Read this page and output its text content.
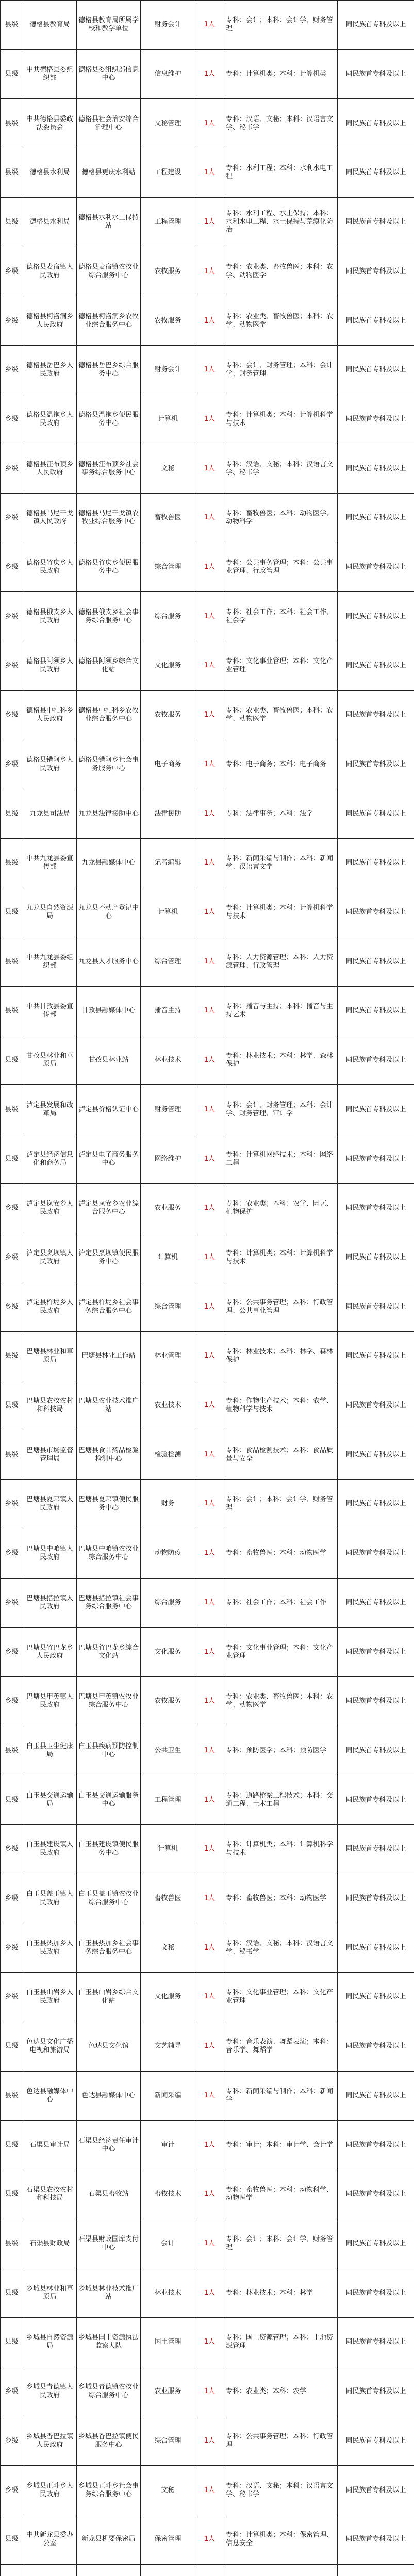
县级	德格县教育局	德格县教育局所属学校和教学单位	财务会计	1人	专科：会计；本科：会计学、财务管理	同民族首专科及以上
县级	中共德格县委组织部	德格县委组织部信息中心	信息维护	1人	专科：计算机类；本科：计算机类	同民族首专科及以上
县级	中共德格县委政法委员会	德格县社会治安综合治理中心	文秘管理	1人	专科：汉语、文秘；本科：汉语言文学、秘书学	同民族首专科及以上
县级	德格县水利局	德格县更庆水利站	工程建设	1人	专科：水利工程；本科：水利水电工程	同民族首专科及以上
县级	德格县水利局	德格县水利水土保持站	工程管理	1人	专科：水利工程、水土保持；本科：水利水电工程、水土保持与荒漠化防治	同民族首专科及以上
乡级	德格县麦宿镇人民政府	德格县麦宿镇农牧业综合服务中心	农牧服务	1人	专科：农业类、畜牧兽医；本科：农学、动物医学	同民族首专科及以上
乡级	德格县柯洛洞乡人民政府	德格县柯洛洞乡农牧业综合服务中心	农牧服务	1人	专科：农业类、畜牧兽医；本科：农学、动物医学	同民族首专科及以上
乡级	德格县岳巴乡人民政府	德格县岳巴乡综合服务中心	财务会计	1人	专科：会计、财务管理；本科：会计学、财务管理	同民族首专科及以上
乡级	德格县温拖乡人民政府	德格县温拖乡便民服务中心	计算机	1人	专科：计算机类；本科：计算机科学与技术	同民族首专科及以上
乡级	德格县汪布顶乡人民政府	德格县汪布顶乡社会事务综合服务中心	文秘	1人	专科：汉语、文秘；本科：汉语言文学、秘书学	同民族首专科及以上
乡级	德格县马尼干戈镇人民政府	德格县马尼干戈镇农牧业综合服务中心	畜牧兽医	1人	专科：畜牧兽医；本科：动物医学、动物科学	同民族首专科及以上
乡级	德格县竹庆乡人民政府	德格县竹庆乡便民服务中心	综合管理	1人	专科：公共事务管理；本科：公共事业管理、行政管理	同民族首专科及以上
乡级	德格县俄支乡人民政府	德格县俄支乡社会事务综合服务中心	综合服务	1人	专科：社会工作；本科：社会工作、社会学	同民族首专科及以上
乡级	德格县阿须乡人民政府	德格县阿须乡综合文化站	文化服务	1人	专科：文化事业管理；本科：文化产业管理	同民族首专科及以上
乡级	德格县中扎科乡人民政府	德格县中扎科乡农牧业综合服务中心	农牧服务	1人	专科：农业类、畜牧兽医；本科：农学、动物医学	同民族首专科及以上
乡级	德格县错阿乡人民政府	德格县错阿乡社会事务服务中心	电子商务	1人	专科：电子商务；本科：电子商务	同民族首专科及以上
县级	九龙县司法局	九龙县法律援助中心	法律援助	1人	专科：法律事务；本科：法学	同民族首专科及以上
县级	中共九龙县委宣传部	九龙县融媒体中心	记者编辑	1人	专科：新闻采编与制作；本科：新闻学、汉语言文学	同民族首专科及以上
县级	九龙县自然资源局	九龙县不动产登记中心	计算机	1人	专科：计算机类；本科：计算机科学与技术	同民族首专科及以上
县级	中共九龙县委组织部	九龙县人才服务中心	综合管理	1人	专科：人力资源管理；本科：人力资源管理、行政管理	同民族首专科及以上
县级	中共甘孜县委宣传部	甘孜县融媒体中心	播音主持	1人	专科：播音与主持；本科：播音与主持艺术	同民族首专科及以上
县级	甘孜县林业和草原局	甘孜县林业站	林业技术	1人	专科：林业技术；本科：林学、森林保护	同民族首专科及以上
县级	泸定县发展和改革局	泸定县价格认证中心	财务管理	1人	专科：会计、财务管理；本科：会计学、财务管理、审计学	同民族首专科及以上
县级	泸定县经济信息化和商务局	泸定县电子商务服务中心	网络维护	1人	专科：计算机网络技术；本科：网络工程	同民族首专科及以上
乡级	泸定县岚安乡人民政府	泸定县岚安乡农业综合服务中心	农业服务	1人	专科：农业类；本科：农学、园艺、植物保护	同民族首专科及以上
乡级	泸定县烹坝镇人民政府	泸定县烹坝镇便民服务中心	计算机	1人	专科：计算机类；本科：计算机科学与技术	同民族首专科及以上
乡级	泸定县杵坭乡人民政府	泸定县杵坭乡社会事务综合服务中心	综合管理	1人	专科：公共事务管理；本科：行政管理、公共事业管理	同民族首专科及以上
县级	巴塘县林业和草原局	巴塘县林业工作站	林业管理	1人	专科：林业技术；本科：林学、森林保护	同民族首专科及以上
县级	巴塘县农牧农村和科技局	巴塘县农业技术推广站	农业技术	1人	专科：作物生产技术；本科：农学、植物科学与技术	同民族首专科及以上
县级	巴塘县市场监督管理局	巴塘县食品药品检验检测中心	检验检测	1人	专科：食品检测技术；本科：食品质量与安全	同民族首专科及以上
乡级	巴塘县夏邛镇人民政府	巴塘县夏邛镇便民服务中心	财务	1人	专科：会计；本科：会计学、财务管理	同民族首专科及以上
乡级	巴塘县中咱镇人民政府	巴塘县中咱镇农牧业综合服务中心	动物防疫	1人	专科：畜牧兽医；本科：动物医学	同民族首专科及以上
乡级	巴塘县措拉镇人民政府	巴塘县措拉镇社会事务综合服务中心	综合服务	1人	专科：社会工作；本科：社会工作	同民族首专科及以上
乡级	巴塘县竹巴龙乡人民政府	巴塘县竹巴龙乡综合文化站	文化服务	1人	专科：文化事业管理；本科：文化产业管理	同民族首专科及以上
乡级	巴塘县甲英镇人民政府	巴塘县甲英镇农牧业综合服务中心	农牧服务	1人	专科：农业类、畜牧兽医；本科：农学、动物医学	同民族首专科及以上
县级	白玉县卫生健康局	白玉县疾病预防控制中心	公共卫生	1人	专科：预防医学；本科：预防医学	同民族首专科及以上
县级	白玉县交通运输局	白玉县交通运输服务中心	工程管理	1人	专科：道路桥梁工程技术；本科：交通工程、土木工程	同民族首专科及以上
乡级	白玉县建设镇人民政府	白玉县建设镇便民服务中心	计算机	1人	专科：计算机类；本科：计算机科学与技术	同民族首专科及以上
乡级	白玉县盖玉镇人民政府	白玉县盖玉镇农牧业综合服务中心	畜牧兽医	1人	专科：畜牧兽医；本科：动物医学	同民族首专科及以上
乡级	白玉县热加乡人民政府	白玉县热加乡社会事务综合服务中心	文秘	1人	专科：汉语、文秘；本科：汉语言文学、秘书学	同民族首专科及以上
乡级	白玉县山岩乡人民政府	白玉县山岩乡综合文化站	文化服务	1人	专科：文化事业管理；本科：文化产业管理	同民族首专科及以上
县级	色达县文化广播电视和旅游局	色达县文化馆	文艺辅导	1人	专科：音乐表演、舞蹈表演；本科：音乐学、舞蹈学	同民族首专科及以上
县级	色达县融媒体中心	色达县融媒体中心	新闻采编	1人	专科：新闻采编与制作；本科：新闻学	同民族首专科及以上
县级	石渠县审计局	石渠县经济责任审计中心	审计	1人	专科：审计；本科：审计学、会计学	同民族首专科及以上
县级	石渠县农牧农村和科技局	石渠县畜牧站	畜牧技术	1人	专科：畜牧兽医；本科：动物科学、动物医学	同民族首专科及以上
县级	石渠县财政局	石渠县财政国库支付中心	会计	1人	专科：会计；本科：会计学、财务管理	同民族首专科及以上
县级	乡城县林业和草原局	乡城县林业技术推广站	林业技术	1人	专科：林业技术；本科：林学	同民族首专科及以上
县级	乡城县自然资源局	乡城县国土资源执法监察大队	国土管理	1人	专科：国土资源管理；本科：土地资源管理	同民族首专科及以上
乡级	乡城县青德镇人民政府	乡城县青德镇农牧业综合服务中心	农业服务	1人	专科：农业类；本科：农学	同民族首专科及以上
乡级	乡城县香巴拉镇人民政府	乡城县香巴拉镇便民服务中心	综合管理	1人	专科：公共事务管理；本科：行政管理	同民族首专科及以上
乡级	乡城县正斗乡人民政府	乡城县正斗乡社会事务综合服务中心	文秘	1人	专科：汉语、文秘；本科：汉语言文学、秘书学	同民族首专科及以上
县级	中共新龙县委办公室	新龙县机要保密局	保密管理	1人	专科：计算机类；本科：保密管理、信息安全	同民族首专科及以上
